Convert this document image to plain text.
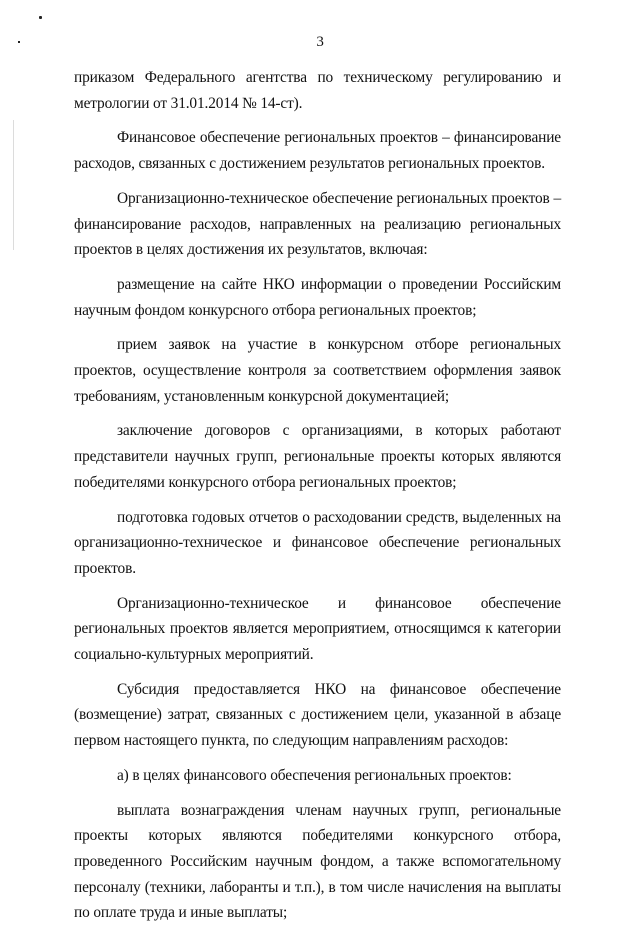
3

приказом Федерального агентства по техническому регулированию и метрологии от 31.01.2014 № 14-ст).

Финансовое обеспечение региональных проектов – финансирование расходов, связанных с достижением результатов региональных проектов.

Организационно-техническое обеспечение региональных проектов – финансирование расходов, направленных на реализацию региональных проектов в целях достижения их результатов, включая:

размещение на сайте НКО информации о проведении Российским научным фондом конкурсного отбора региональных проектов;

прием заявок на участие в конкурсном отборе региональных проектов, осуществление контроля за соответствием оформления заявок требованиям, установленным конкурсной документацией;

заключение договоров с организациями, в которых работают представители научных групп, региональные проекты которых являются победителями конкурсного отбора региональных проектов;

подготовка годовых отчетов о расходовании средств, выделенных на организационно-техническое и финансовое обеспечение региональных проектов.

Организационно-техническое и финансовое обеспечение региональных проектов является мероприятием, относящимся к категории социально-культурных мероприятий.

Субсидия предоставляется НКО на финансовое обеспечение (возмещение) затрат, связанных с достижением цели, указанной в абзаце первом настоящего пункта, по следующим направлениям расходов:

а) в целях финансового обеспечения региональных проектов:

выплата вознаграждения членам научных групп, региональные проекты которых являются победителями конкурсного отбора, проведенного Российским научным фондом, а также вспомогательному персоналу (техники, лаборанты и т.п.), в том числе начисления на выплаты по оплате труда и иные выплаты;
